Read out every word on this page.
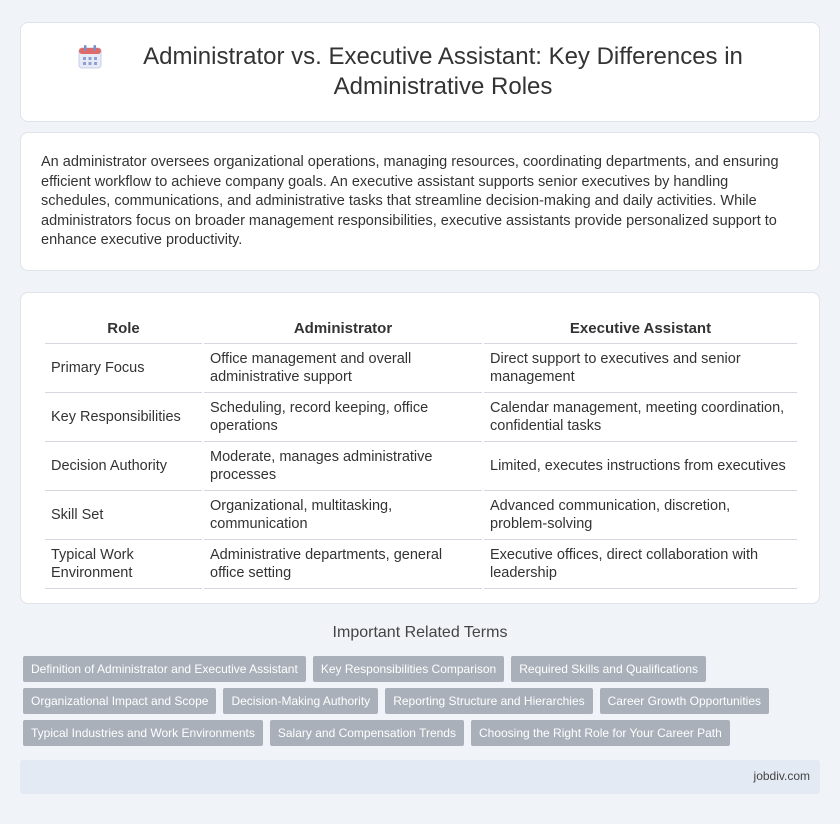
Administrator vs. Executive Assistant: Key Differences in Administrative Roles

An administrator oversees organizational operations, managing resources, coordinating departments, and ensuring efficient workflow to achieve company goals. An executive assistant supports senior executives by handling schedules, communications, and administrative tasks that streamline decision-making and daily activities. While administrators focus on broader management responsibilities, executive assistants provide personalized support to enhance executive productivity.

Role	Administrator	Executive Assistant
Primary Focus	Office management and overall administrative support	Direct support to executives and senior management
Key Responsibilities	Scheduling, record keeping, office operations	Calendar management, meeting coordination, confidential tasks
Decision Authority	Moderate, manages administrative processes	Limited, executes instructions from executives
Skill Set	Organizational, multitasking, communication	Advanced communication, discretion, problem-solving
Typical Work Environment	Administrative departments, general office setting	Executive offices, direct collaboration with leadership
Important Related Terms
Definition of Administrator and Executive Assistant	Key Responsibilities Comparison	Required Skills and Qualifications
Organizational Impact and Scope	Decision-Making Authority	Reporting Structure and Hierarchies	Career Growth Opportunities
Typical Industries and Work Environments	Salary and Compensation Trends	Choosing the Right Role for Your Career Path
jobdiv.com
